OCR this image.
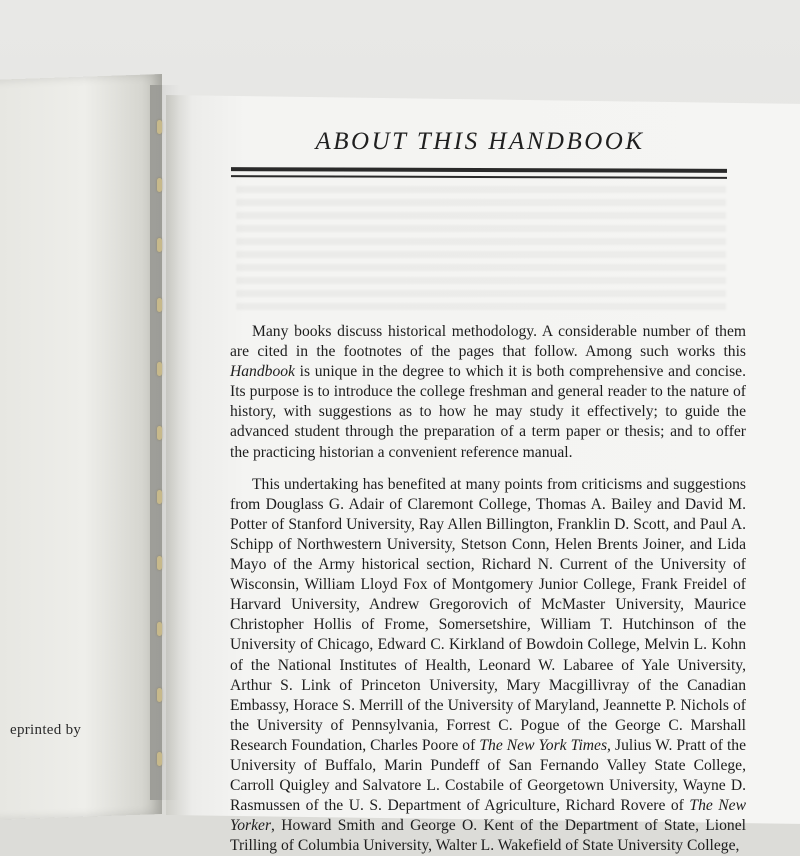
eprinted by
ABOUT THIS HANDBOOK

Many books discuss historical methodology. A considerable number of them are cited in the footnotes of the pages that follow. Among such works this Handbook is unique in the degree to which it is both comprehensive and concise. Its purpose is to introduce the college freshman and general reader to the nature of history, with suggestions as to how he may study it effectively; to guide the advanced student through the preparation of a term paper or thesis; and to offer the practicing historian a convenient reference manual.

This undertaking has benefited at many points from criticisms and suggestions from Douglass G. Adair of Claremont College, Thomas A. Bailey and David M. Potter of Stanford University, Ray Allen Billington, Franklin D. Scott, and Paul A. Schipp of Northwestern University, Stetson Conn, Helen Brents Joiner, and Lida Mayo of the Army historical section, Richard N. Current of the University of Wisconsin, William Lloyd Fox of Montgomery Junior College, Frank Freidel of Harvard University, Andrew Gregorovich of McMaster University, Maurice Christopher Hollis of Frome, Somersetshire, William T. Hutchinson of the University of Chicago, Edward C. Kirkland of Bowdoin College, Melvin L. Kohn of the National Institutes of Health, Leonard W. Labaree of Yale University, Arthur S. Link of Princeton University, Mary Macgillivray of the Canadian Embassy, Horace S. Merrill of the University of Maryland, Jeannette P. Nichols of the University of Pennsylvania, Forrest C. Pogue of the George C. Marshall Research Foundation, Charles Poore of The New York Times, Julius W. Pratt of the University of Buffalo, Marin Pundeff of San Fernando Valley State College, Carroll Quigley and Salvatore L. Costabile of Georgetown University, Wayne D. Rasmussen of the U. S. Department of Agriculture, Richard Rovere of The New Yorker, Howard Smith and George O. Kent of the Department of State, Lionel Trilling of Columbia University, Walter L. Wakefield of State University College,
